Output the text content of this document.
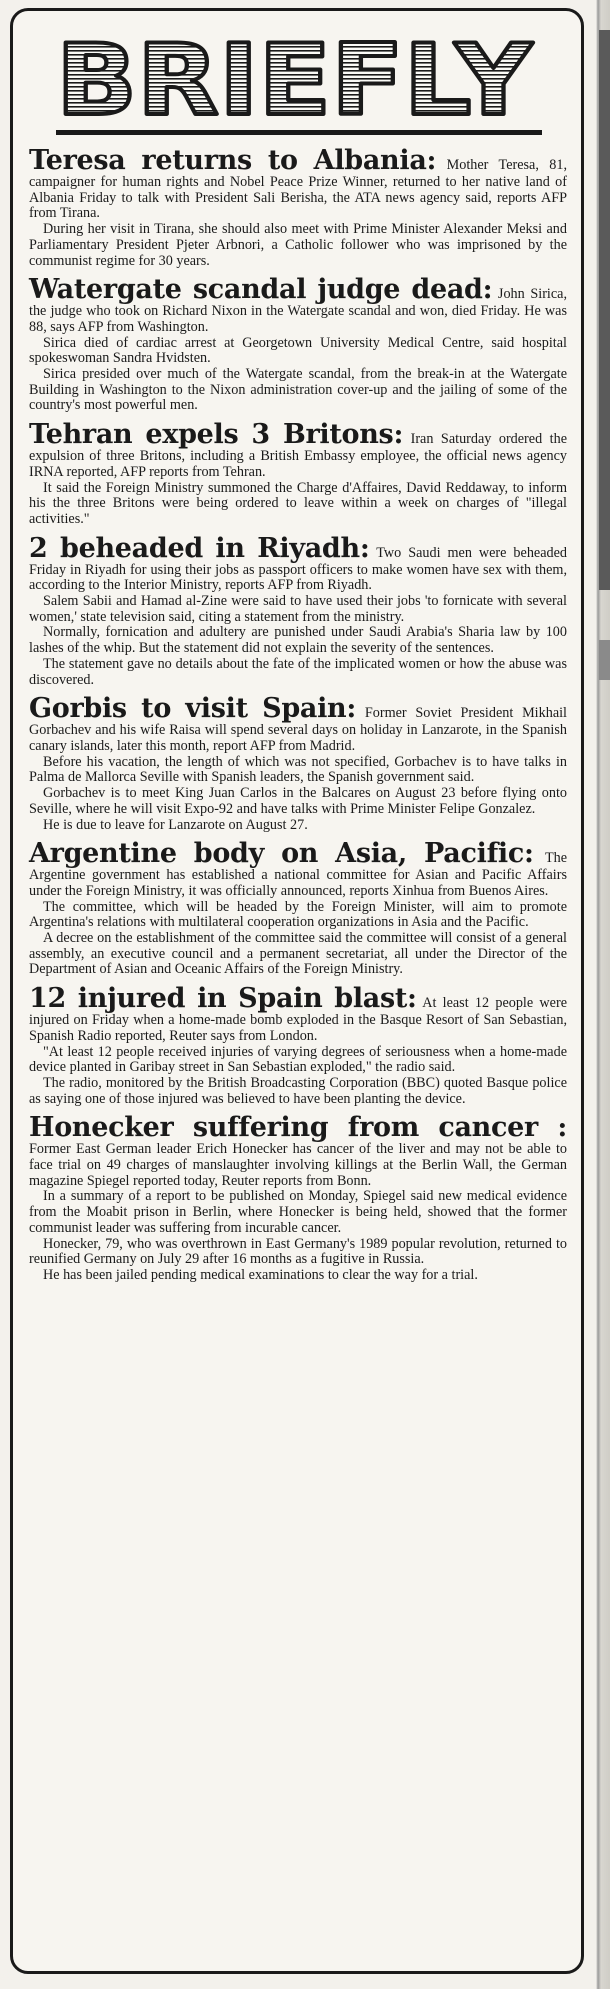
BRIEFLY

Teresa returns to Albania: Mother Teresa, 81, campaigner for human rights and Nobel Peace Prize Winner, returned to her native land of Albania Friday to talk with President Sali Berisha, the ATA news agency said, reports AFP from Tirana.

During her visit in Tirana, she should also meet with Prime Minister Alexander Meksi and Parliamentary President Pjeter Arbnori, a Catholic follower who was imprisoned by the communist regime for 30 years.

Watergate scandal judge dead: John Sirica, the judge who took on Richard Nixon in the Watergate scandal and won, died Friday. He was 88, says AFP from Washington.

Sirica died of cardiac arrest at Georgetown University Medical Centre, said hospital spokeswoman Sandra Hvidsten.

Sirica presided over much of the Watergate scandal, from the break-in at the Watergate Building in Washington to the Nixon administration cover-up and the jailing of some of the country's most powerful men.

Tehran expels 3 Britons: Iran Saturday ordered the expulsion of three Britons, including a British Embassy employee, the official news agency IRNA reported, AFP reports from Tehran.

It said the Foreign Ministry summoned the Charge d'Affaires, David Reddaway, to inform his the three Britons were being ordered to leave within a week on charges of "illegal activities."

2 beheaded in Riyadh: Two Saudi men were beheaded Friday in Riyadh for using their jobs as passport officers to make women have sex with them, according to the Interior Ministry, reports AFP from Riyadh.

Salem Sabii and Hamad al-Zine were said to have used their jobs 'to fornicate with several women,' state television said, citing a statement from the ministry.

Normally, fornication and adultery are punished under Saudi Arabia's Sharia law by 100 lashes of the whip. But the statement did not explain the severity of the sentences.

The statement gave no details about the fate of the implicated women or how the abuse was discovered.

Gorbis to visit Spain: Former Soviet President Mikhail Gorbachev and his wife Raisa will spend several days on holiday in Lanzarote, in the Spanish canary islands, later this month, report AFP from Madrid.

Before his vacation, the length of which was not specified, Gorbachev is to have talks in Palma de Mallorca Seville with Spanish leaders, the Spanish government said.

Gorbachev is to meet King Juan Carlos in the Balcares on August 23 before flying onto Seville, where he will visit Expo-92 and have talks with Prime Minister Felipe Gonzalez.

He is due to leave for Lanzarote on August 27.

Argentine body on Asia, Pacific: The Argentine government has established a national committee for Asian and Pacific Affairs under the Foreign Ministry, it was officially announced, reports Xinhua from Buenos Aires.

The committee, which will be headed by the Foreign Minister, will aim to promote Argentina's relations with multilateral cooperation organizations in Asia and the Pacific.

A decree on the establishment of the committee said the committee will consist of a general assembly, an executive council and a permanent secretariat, all under the Director of the Department of Asian and Oceanic Affairs of the Foreign Ministry.

12 injured in Spain blast: At least 12 people were injured on Friday when a home-made bomb exploded in the Basque Resort of San Sebastian, Spanish Radio reported, Reuter says from London.

"At least 12 people received injuries of varying degrees of seriousness when a home-made device planted in Garibay street in San Sebastian exploded," the radio said.

The radio, monitored by the British Broadcasting Corporation (BBC) quoted Basque police as saying one of those injured was believed to have been planting the device.

Honecker suffering from cancer : Former East German leader Erich Honecker has cancer of the liver and may not be able to face trial on 49 charges of manslaughter involving killings at the Berlin Wall, the German magazine Spiegel reported today, Reuter reports from Bonn.

In a summary of a report to be published on Monday, Spiegel said new medical evidence from the Moabit prison in Berlin, where Honecker is being held, showed that the former communist leader was suffering from incurable cancer.

Honecker, 79, who was overthrown in East Germany's 1989 popular revolution, returned to reunified Germany on July 29 after 16 months as a fugitive in Russia.

He has been jailed pending medical examinations to clear the way for a trial.
